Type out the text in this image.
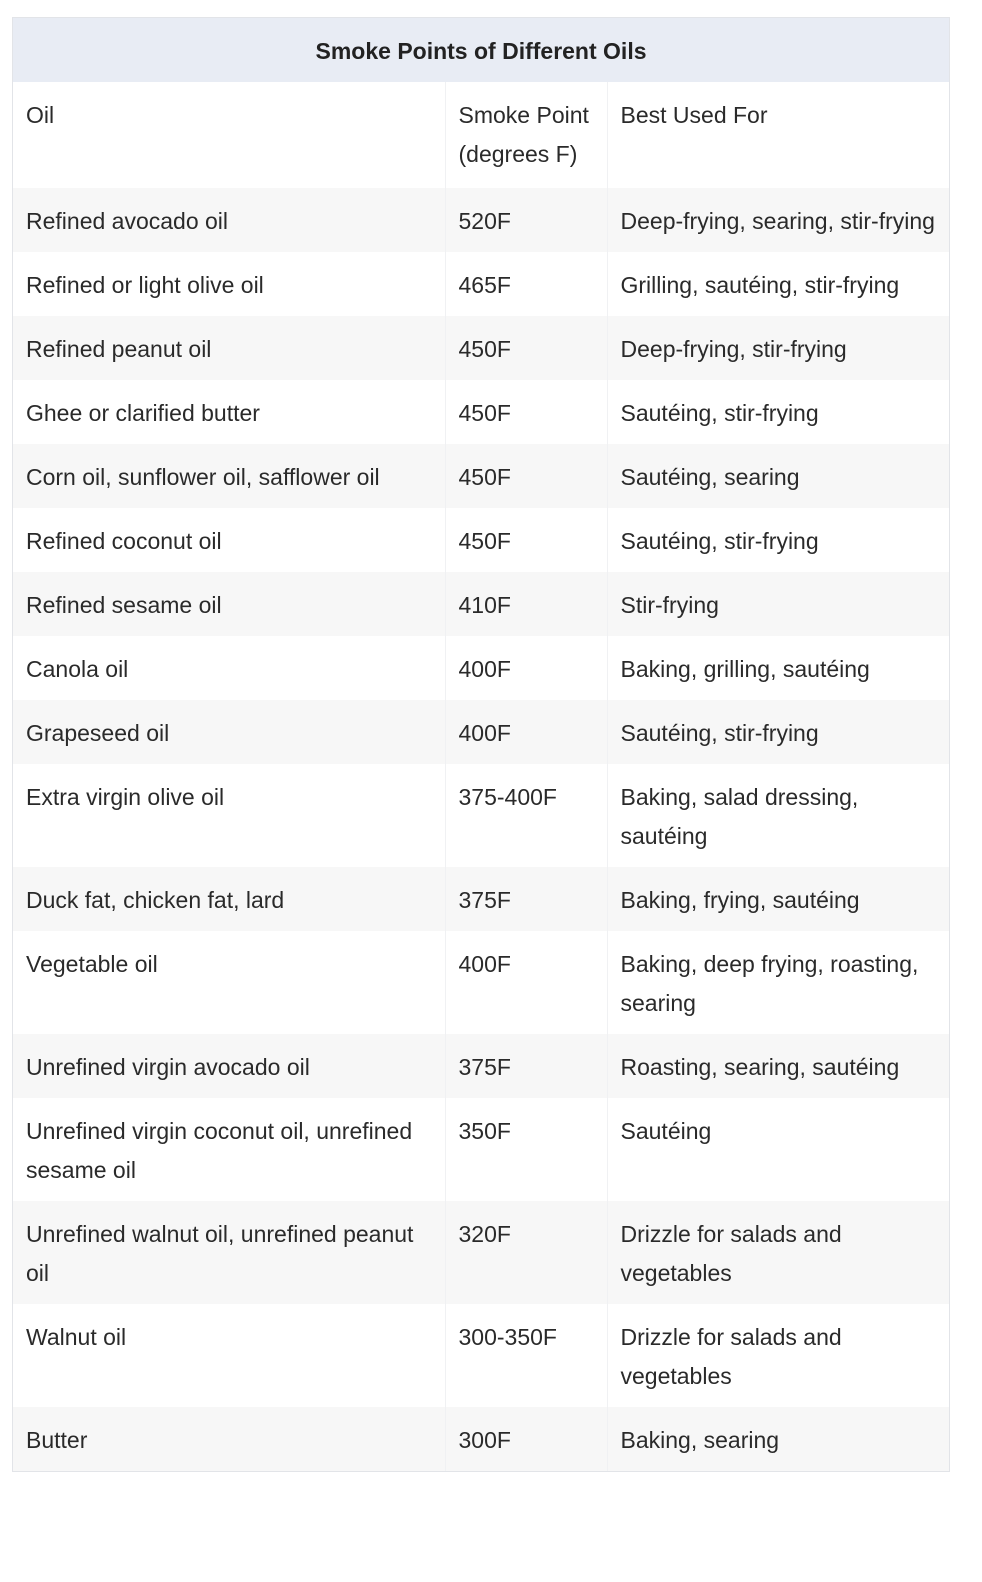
Smoke Points of Different Oils
Oil	Smoke Point (degrees F)	Best Used For
Refined avocado oil	520F	Deep-frying, searing, stir-frying
Refined or light olive oil	465F	Grilling, sautéing, stir-frying
Refined peanut oil	450F	Deep-frying, stir-frying
Ghee or clarified butter	450F	Sautéing, stir-frying
Corn oil, sunflower oil, safflower oil	450F	Sautéing, searing
Refined coconut oil	450F	Sautéing, stir-frying
Refined sesame oil	410F	Stir-frying
Canola oil	400F	Baking, grilling, sautéing
Grapeseed oil	400F	Sautéing, stir-frying
Extra virgin olive oil	375-400F	Baking, salad dressing, sautéing
Duck fat, chicken fat, lard	375F	Baking, frying, sautéing
Vegetable oil	400F	Baking, deep frying, roasting, searing
Unrefined virgin avocado oil	375F	Roasting, searing, sautéing
Unrefined virgin coconut oil, unrefined sesame oil	350F	Sautéing
Unrefined walnut oil, unrefined peanut oil	320F	Drizzle for salads and vegetables
Walnut oil	300-350F	Drizzle for salads and vegetables
Butter	300F	Baking, searing
